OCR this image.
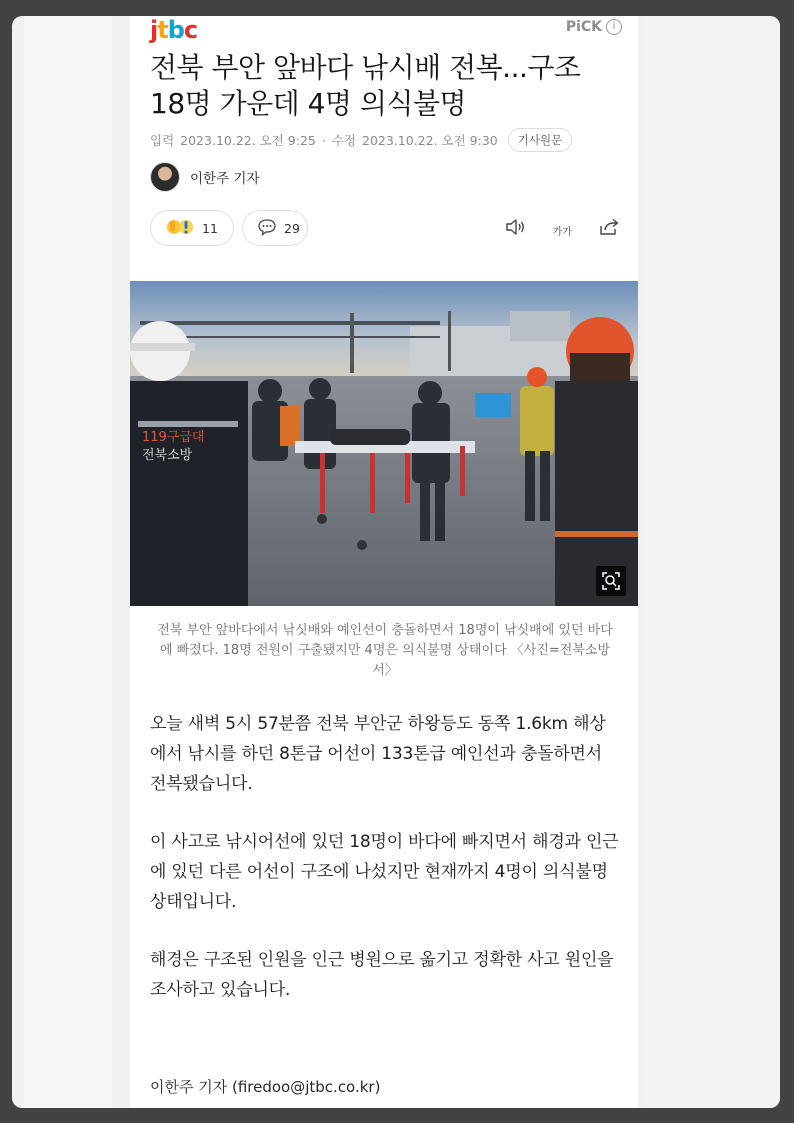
jtbc	PiCK	i
전북 부안 앞바다 낚시배 전복...구조 18명 가운데 4명 의식불명
입력 2023.10.22. 오전 9:25 · 수정 2023.10.22. 오전 9:30	기사원문
이한주 기자
11	29	가가
119구급대
전북소방

전북 부안 앞바다에서 낚싯배와 예인선이 충돌하면서 18명이 낚싯배에 있던 바다에 빠졌다. 18명 전원이 구출됐지만 4명은 의식불명 상태이다 〈사진=전북소방서〉

오늘 새벽 5시 57분쯤 전북 부안군 하왕등도 동쪽 1.6km 해상에서 낚시를 하던 8톤급 어선이 133톤급 예인선과 충돌하면서 전복됐습니다.

이 사고로 낚시어선에 있던 18명이 바다에 빠지면서 해경과 인근에 있던 다른 어선이 구조에 나섰지만 현재까지 4명이 의식불명 상태입니다.

해경은 구조된 인원을 인근 병원으로 옮기고 정확한 사고 원인을 조사하고 있습니다.

이한주 기자 (firedoo@jtbc.co.kr)
